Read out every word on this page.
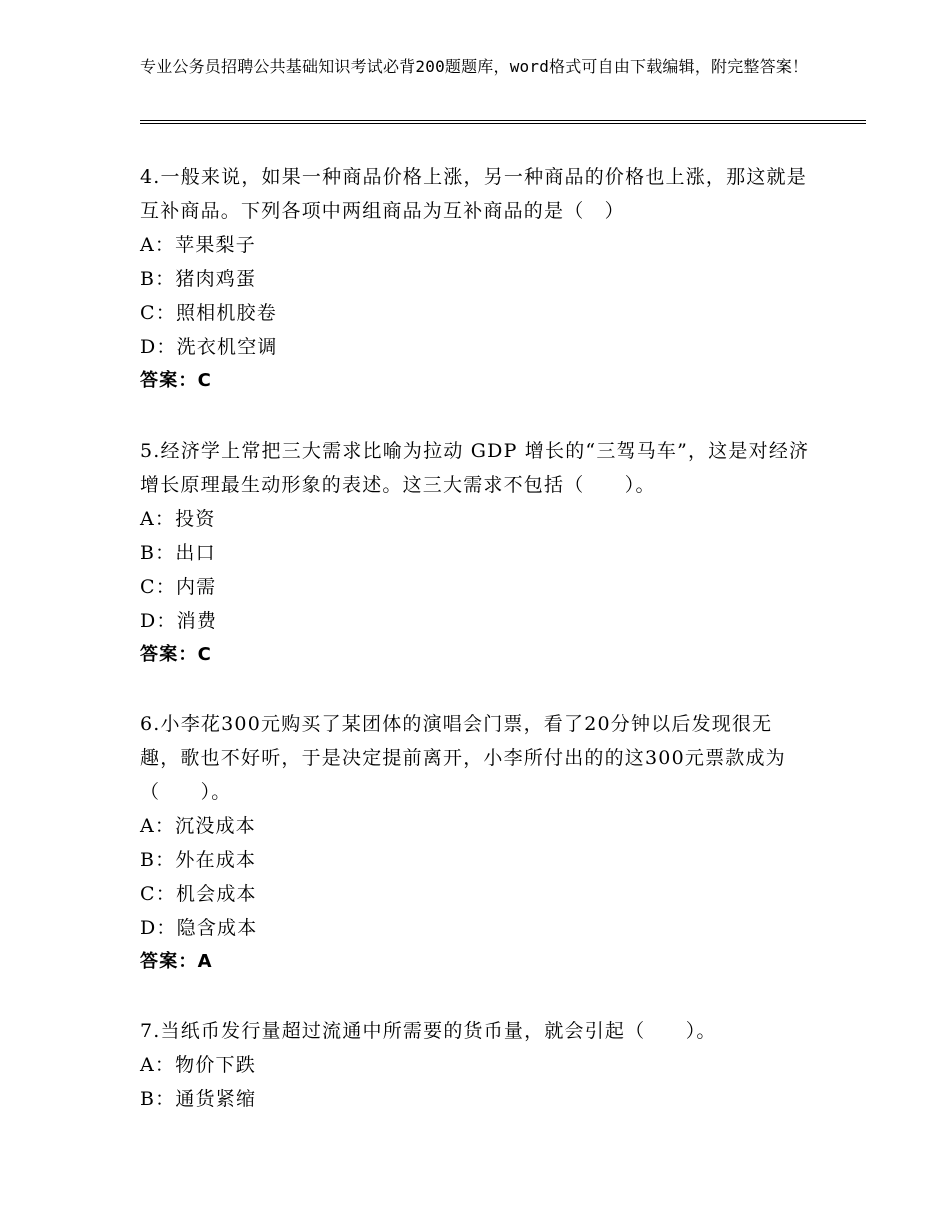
专业公务员招聘公共基础知识考试必背200题题库，word格式可自由下载编辑，附完整答案！

4.一般来说，如果一种商品价格上涨，另一种商品的价格也上涨，那这就是互补商品。下列各项中两组商品为互补商品的是（　）

A：苹果梨子

B：猪肉鸡蛋

C：照相机胶卷

D：洗衣机空调

答案：C

5.经济学上常把三大需求比喻为拉动 GDP 增长的“三驾马车”，这是对经济增长原理最生动形象的表述。这三大需求不包括（　　）。

A：投资

B：出口

C：内需

D：消费

答案：C

6.小李花300元购买了某团体的演唱会门票，看了20分钟以后发现很无趣，歌也不好听，于是决定提前离开，小李所付出的的这300元票款成为（　　）。

A：沉没成本

B：外在成本

C：机会成本

D：隐含成本

答案：A

7.当纸币发行量超过流通中所需要的货币量，就会引起（　　）。

A：物价下跌

B：通货紧缩
